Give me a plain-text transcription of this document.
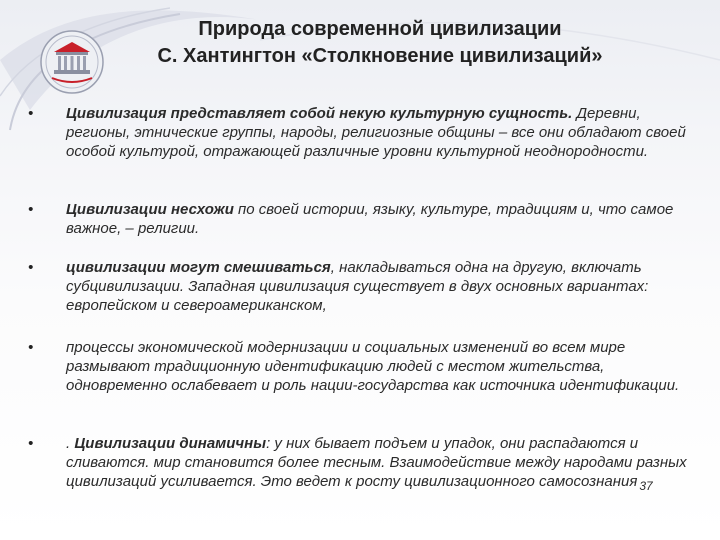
Природа современной цивилизации
С. Хантингтон «Столкновение цивилизаций»
• Цивилизация представляет собой некую культурную сущность. Деревни, регионы, этнические группы, народы, религиозные общины – все они обладают своей особой культурой, отражающей различные уровни культурной неоднородности.
• Цивилизации несхожи по своей истории, языку, культуре, традициям и, что самое важное, – религии.
• цивилизации могут смешиваться, накладываться одна на другую, включать субцивилизации. Западная цивилизация существует в двух основных вариантах: европейском и североамериканском,
• процессы экономической модернизации и социальных изменений во всем мире размывают традиционную идентификацию людей с местом жительства, одновременно ослабевает и роль нации-государства как источника идентификации.
• . Цивилизации динамичны: у них бывает подъем и упадок, они распадаются и сливаются. мир становится более тесным. Взаимодействие между народами разных цивилизаций усиливается. Это ведет к росту цивилизационного самосознания $_{37}$
